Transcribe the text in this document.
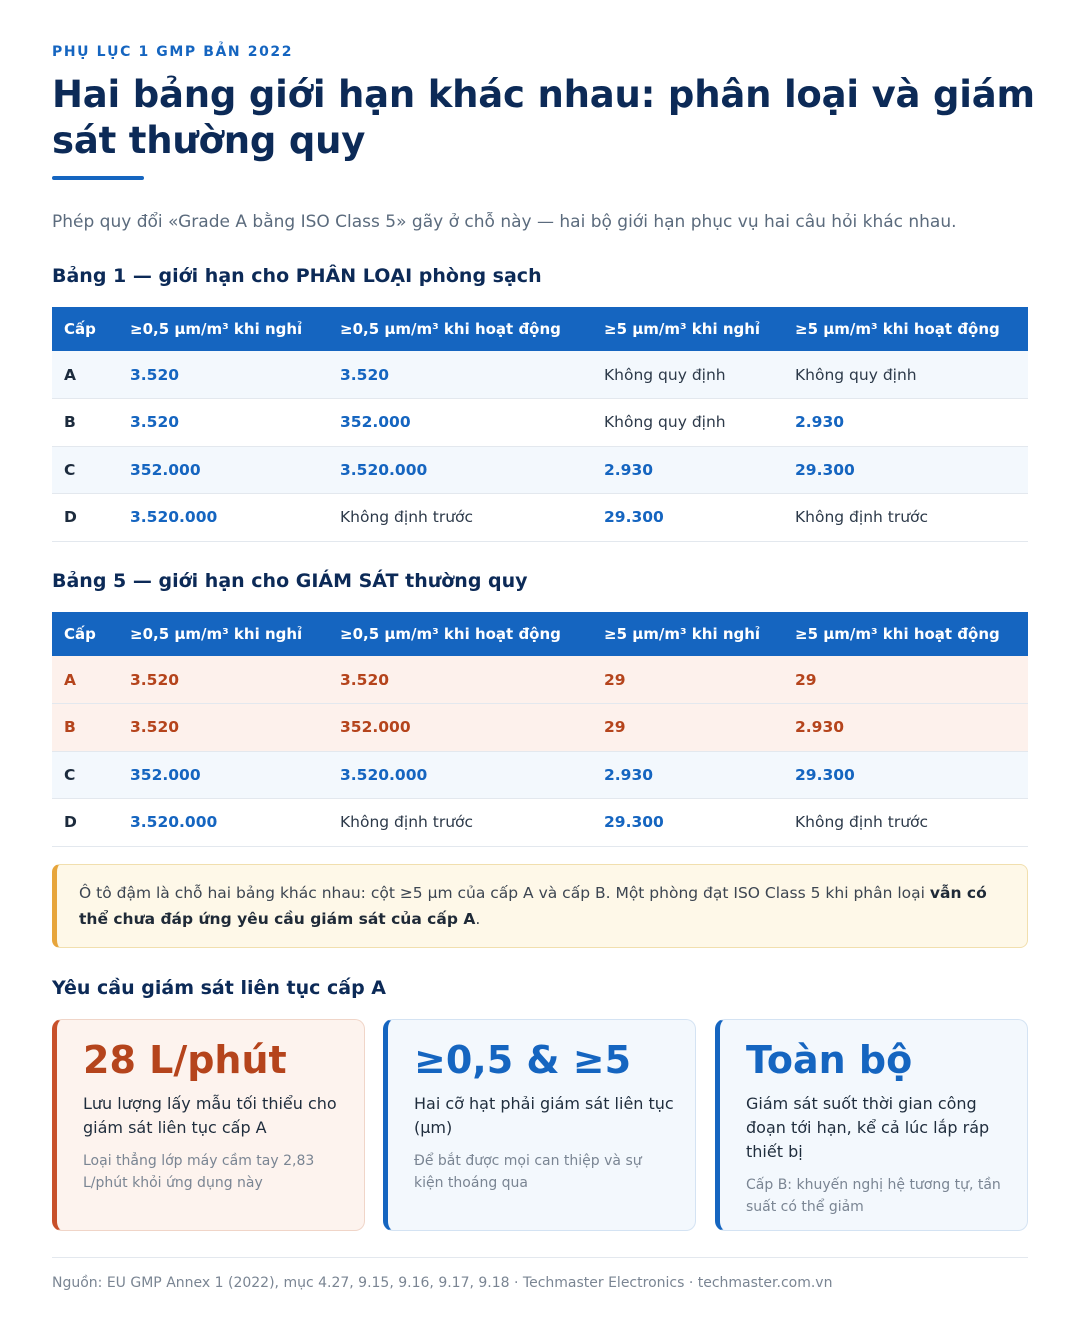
PHỤ LỤC 1 GMP BẢN 2022
Hai bảng giới hạn khác nhau: phân loại và giám sát thường quy

Phép quy đổi «Grade A bằng ISO Class 5» gãy ở chỗ này — hai bộ giới hạn phục vụ hai câu hỏi khác nhau.

Bảng 1 — giới hạn cho PHÂN LOẠI phòng sạch
Cấp	≥0,5 µm/m³ khi nghỉ	≥0,5 µm/m³ khi hoạt động	≥5 µm/m³ khi nghỉ	≥5 µm/m³ khi hoạt động
A	3.520	3.520	Không quy định	Không quy định
B	3.520	352.000	Không quy định	2.930
C	352.000	3.520.000	2.930	29.300
D	3.520.000	Không định trước	29.300	Không định trước
Bảng 5 — giới hạn cho GIÁM SÁT thường quy
Cấp	≥0,5 µm/m³ khi nghỉ	≥0,5 µm/m³ khi hoạt động	≥5 µm/m³ khi nghỉ	≥5 µm/m³ khi hoạt động
A	3.520	3.520	29	29
B	3.520	352.000	29	2.930
C	352.000	3.520.000	2.930	29.300
D	3.520.000	Không định trước	29.300	Không định trước
Ô tô đậm là chỗ hai bảng khác nhau: cột ≥5 µm của cấp A và cấp B. Một phòng đạt ISO Class 5 khi phân loại vẫn có thể chưa đáp ứng yêu cầu giám sát của cấp A.
Yêu cầu giám sát liên tục cấp A
28 L/phút
Lưu lượng lấy mẫu tối thiểu cho giám sát liên tục cấp A
Loại thẳng lớp máy cầm tay 2,83 L/phút khỏi ứng dụng này
≥0,5 & ≥5
Hai cỡ hạt phải giám sát liên tục (µm)
Để bắt được mọi can thiệp và sự kiện thoáng qua
Toàn bộ
Giám sát suốt thời gian công đoạn tới hạn, kể cả lúc lắp ráp thiết bị
Cấp B: khuyến nghị hệ tương tự, tần suất có thể giảm
Nguồn: EU GMP Annex 1 (2022), mục 4.27, 9.15, 9.16, 9.17, 9.18 · Techmaster Electronics · techmaster.com.vn
